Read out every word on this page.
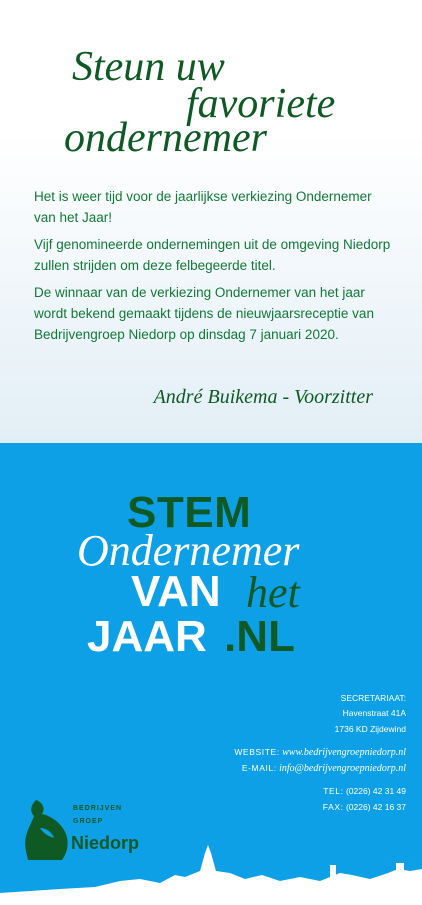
Steun uw
favoriete
ondernemer
Het is weer tijd voor de jaarlijkse verkiezing Ondernemer van het Jaar!
Vijf genomineerde ondernemingen uit de omgeving Niedorp zullen strijden om deze felbegeerde titel.
De winnaar van de verkiezing Ondernemer van het jaar wordt bekend gemaakt tijdens de nieuwjaarsreceptie van Bedrijvengroep Niedorp op dinsdag 7 januari 2020.
André Buikema - Voorzitter
STEM
Ondernemer
VAN het
JAAR .NL
SECRETARIAAT:
Havenstraat 41A
1736 KD Zijdewind
WEBSITE: www.bedrijvengroepniedorp.nl
E-MAIL: info@bedrijvengroepniedorp.nl
TEL: (0226) 42 31 49
FAX: (0226) 42 16 37
BEDRIJVEN
GROEP
Niedorp
